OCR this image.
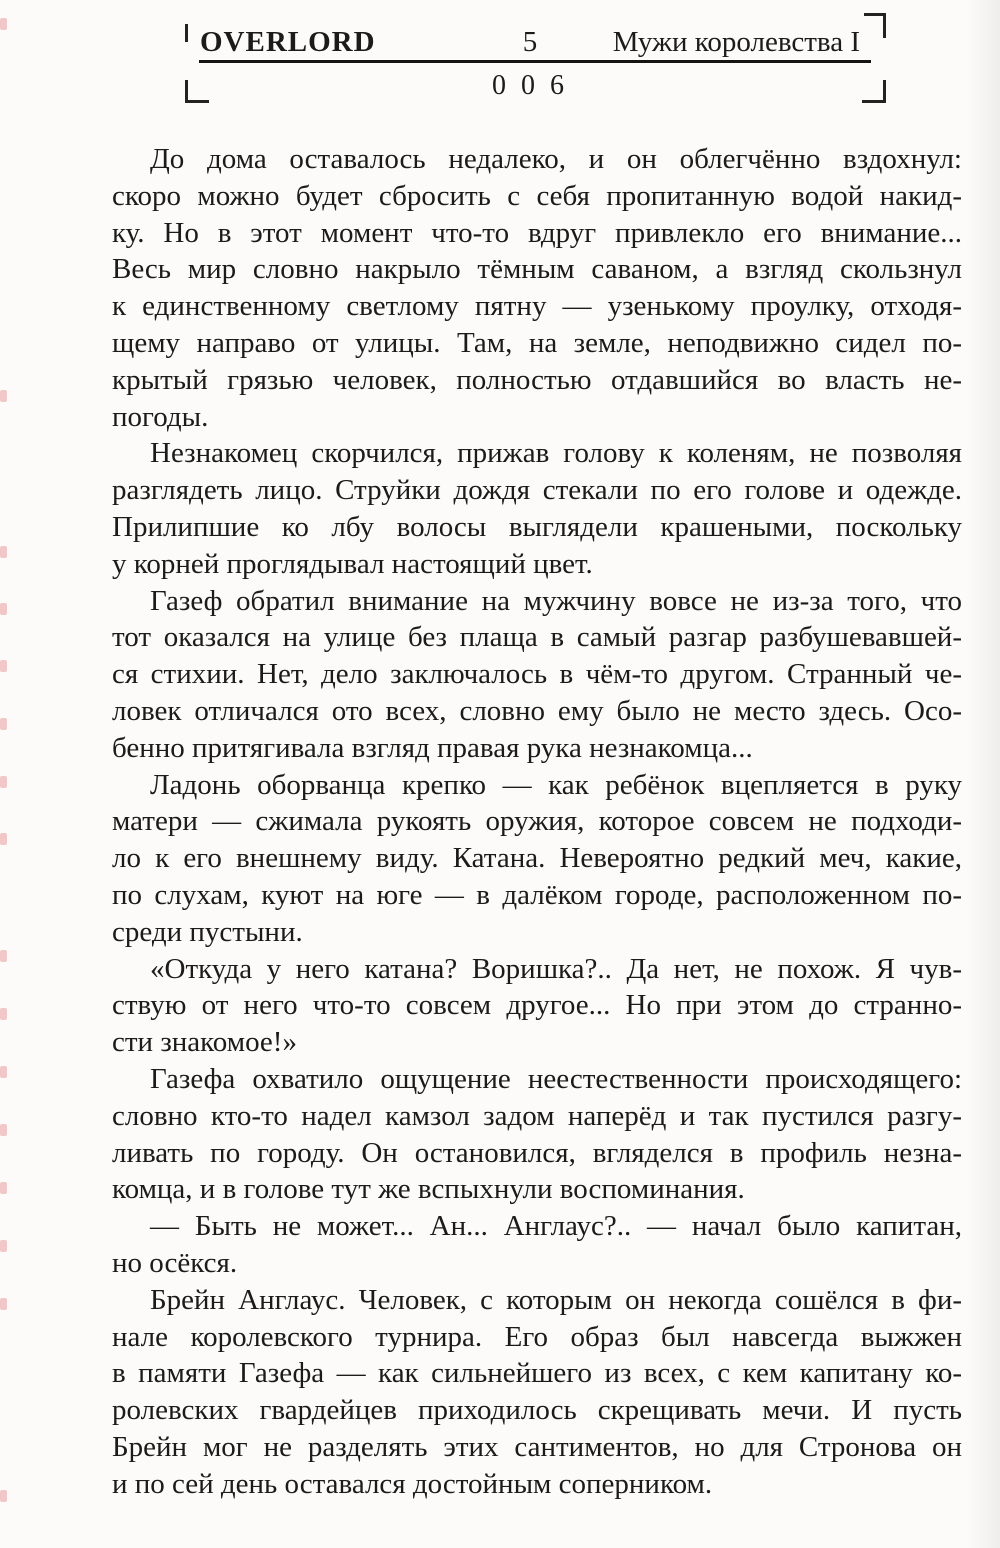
OVERLORD	5	Мужи королевства I
0 0 6
До дома оставалось недалеко, и он облегчённо вздохнул:
скоро можно будет сбросить с себя пропитанную водой накид-
ку. Но в этот момент что-то вдруг привлекло его внимание...
Весь мир словно накрыло тёмным саваном, а взгляд скользнул
к единственному светлому пятну — узенькому проулку, отходя-
щему направо от улицы. Там, на земле, неподвижно сидел по-
крытый грязью человек, полностью отдавшийся во власть не-
погоды.
Незнакомец скорчился, прижав голову к коленям, не позволяя
разглядеть лицо. Струйки дождя стекали по его голове и одежде.
Прилипшие ко лбу волосы выглядели крашеными, поскольку
у корней проглядывал настоящий цвет.
Газеф обратил внимание на мужчину вовсе не из-за того, что
тот оказался на улице без плаща в самый разгар разбушевавшей-
ся стихии. Нет, дело заключалось в чём-то другом. Странный че-
ловек отличался ото всех, словно ему было не место здесь. Осо-
бенно притягивала взгляд правая рука незнакомца...
Ладонь оборванца крепко — как ребёнок вцепляется в руку
матери — сжимала рукоять оружия, которое совсем не подходи-
ло к его внешнему виду. Катана. Невероятно редкий меч, какие,
по слухам, куют на юге — в далёком городе, расположенном по-
среди пустыни.
«Откуда у него катана? Воришка?.. Да нет, не похож. Я чув-
ствую от него что-то совсем другое... Но при этом до странно-
сти знакомое!»
Газефа охватило ощущение неестественности происходящего:
словно кто-то надел камзол задом наперёд и так пустился разгу-
ливать по городу. Он остановился, вгляделся в профиль незна-
комца, и в голове тут же вспыхнули воспоминания.
— Быть не может... Ан... Англаус?.. — начал было капитан,
но осёкся.
Брейн Англаус. Человек, с которым он некогда сошёлся в фи-
нале королевского турнира. Его образ был навсегда выжжен
в памяти Газефа — как сильнейшего из всех, с кем капитану ко-
ролевских гвардейцев приходилось скрещивать мечи. И пусть
Брейн мог не разделять этих сантиментов, но для Стронова он
и по сей день оставался достойным соперником.
